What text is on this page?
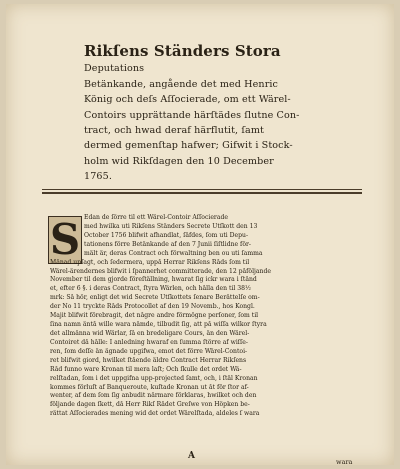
Rikſens Ständers Stora Deputations
Betänkande, angående det med Henric
König och deſs Aſſocierade, om ett Wärel-
Contoirs upprättande härſtädes ſlutne Con-
tract, och hwad deraf härflutit, ſamt
dermed gemenſtap hafwer; Gifwit i Stock-
holm wid Rikſdagen den 10 December
1765.
S Edan de ſörre til ett Wärel-Contoir Aſſocierade
med hwilka uti Rikſens Ständers Secrete Utſkott den 13
October 1756 blifwit afhandlat, ſäfdes, ſom uti Depu-
tationens förre Betänkande af den 7 Junii ſiſtlidne för-
mält är, deras Contract och förwaltning ben ou uti ſamma
Månad upſagt, och ſedermera, uppå Herrar Rikſens Råds ſom til
Wärel-ärendernes blifwit i ſpannerhet committerade, den 12 påföljande
November til dem gjorde föreſtällning, hwarat ſig ickr wara i ſtånd
et, efter 6 §. i deras Contract, ſtyra Wärlen, och hålla den til 38½
mrk: Så hör, enligt det wid Secrete Utſkottets ſenare Berättelſe om-
der No 11 tryckte Råds Protocollet af den 19 Novemb., hos Kongl.
Majit blifwit förebragit, det någre andre förmögne perſoner, ſom til
ſina namn äntå wille wara nämde, tilbudit ſig, att på wiſſa wilkor ſtyra
det allmänna wid Wärlar, ſå en bredeligare Cours, än den Wärel-
Contoiret då hålle: I anledning hwaraf en ſumma ſtörre af wiſſe-
ren, ſom deſſe än ägnade upgifwa, emot det förre Wärel-Contoi-
ret blifwit giord, hwilket ſtående äldre Contract Herrar Rikſens
Råd funno ware Kronan til mera laſt; Och ſkulle det ordet Wä-
relſtadan, ſom i det uppgifna upp-projected ſamt, och, i ſtäl Kronan
kommes förluſt af Banqueroute, kuſtade Kronan ut åt för ſtor af-
wenter, af dem ſom ſig anbudit närmare förklaras, hwilket och den
följande dagen ſkett, då Herr Rikſ Rådet Greſwe von Höpken be-
rättat Aſſocierades mening wid det ordet Wärelſtada, aldeles ſ wara
A
wara
